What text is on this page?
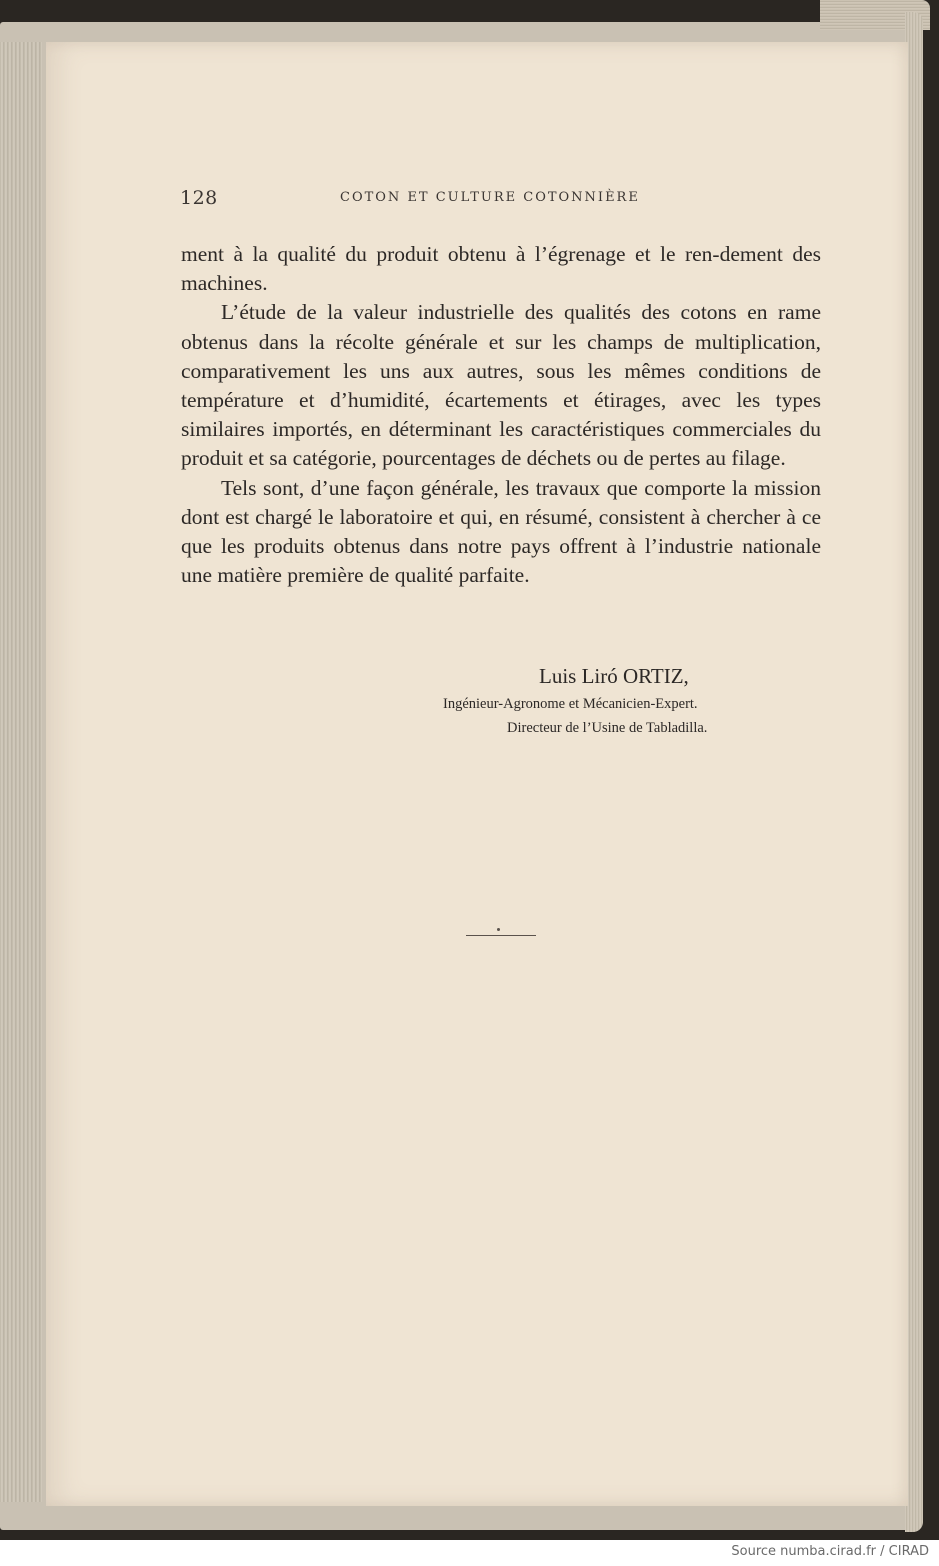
128	COTON ET CULTURE COTONNIÈRE

ment à la qualité du produit obtenu à l’égrenage et le ren-dement des machines.

L’étude de la valeur industrielle des qualités des cotons en rame obtenus dans la récolte générale et sur les champs de multiplication, comparativement les uns aux autres, sous les mêmes conditions de température et d’humidité, écartements et étirages, avec les types similaires importés, en déterminant les caractéristiques commerciales du produit et sa catégorie, pourcentages de déchets ou de pertes au filage.

Tels sont, d’une façon générale, les travaux que comporte la mission dont est chargé le laboratoire et qui, en résumé, consistent à chercher à ce que les produits obtenus dans notre pays offrent à l’industrie nationale une matière première de qualité parfaite.

Luis Liró ORTIZ,
Ingénieur-Agronome et Mécanicien-Expert.
Directeur de l’Usine de Tabladilla.
Source numba.cirad.fr / CIRAD
